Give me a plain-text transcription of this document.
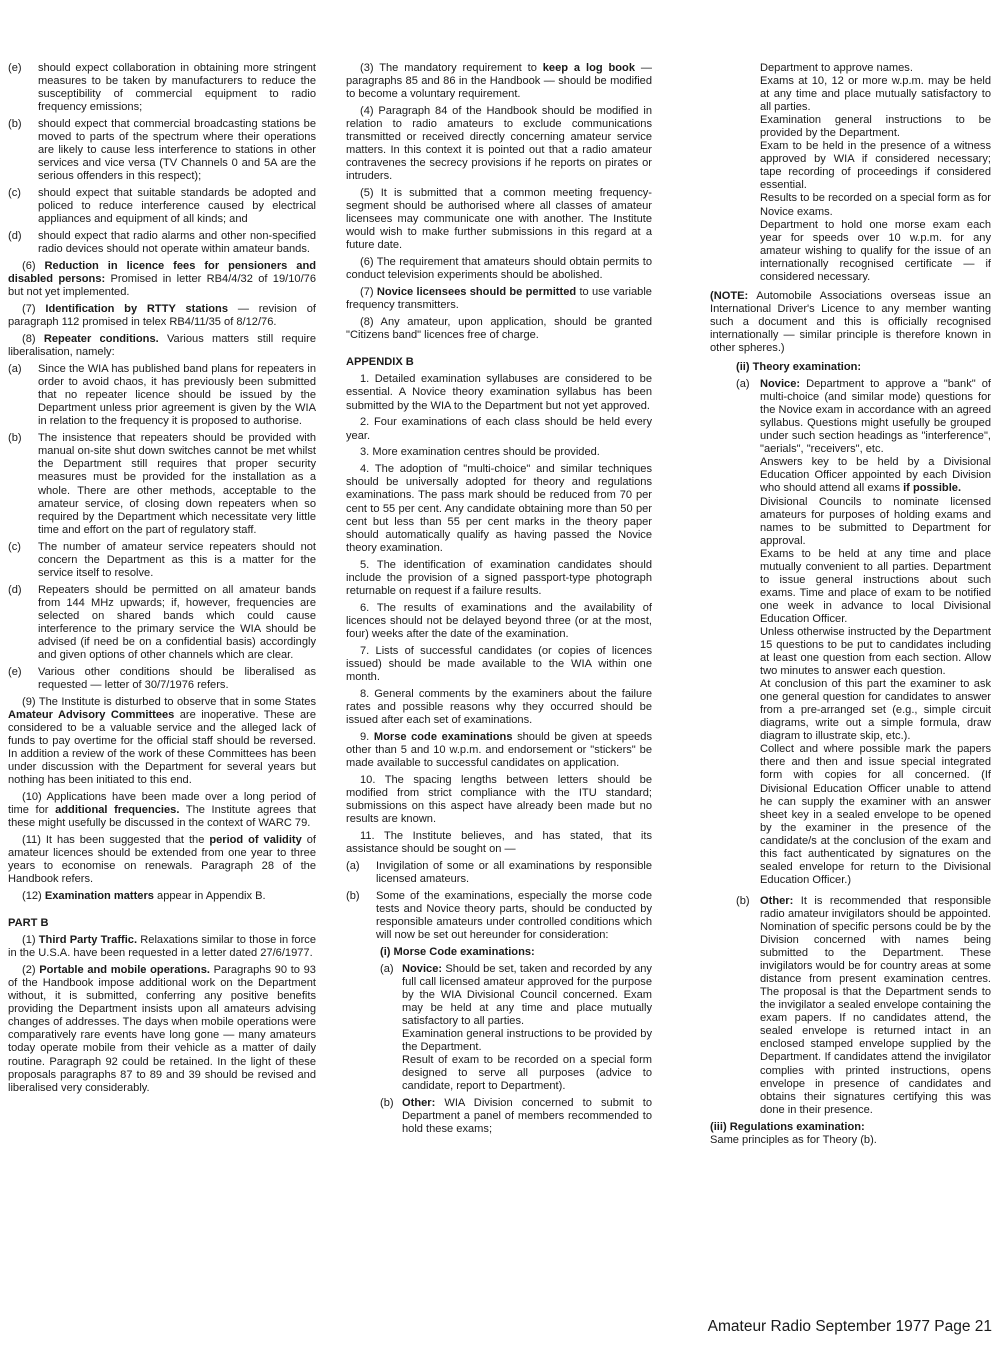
(e)	should expect collaboration in obtaining more stringent measures to be taken by manufacturers to reduce the susceptibility of commercial equipment to radio frequency emissions;
(b)	should expect that commercial broadcasting stations be moved to parts of the spectrum where their operations are likely to cause less interference to stations in other services and vice versa (TV Channels 0 and 5A are the serious offenders in this respect);
(c)	should expect that suitable standards be adopted and policed to reduce interference caused by electrical appliances and equipment of all kinds; and
(d)	should expect that radio alarms and other non-specified radio devices should not operate within amateur bands.

(6) Reduction in licence fees for pensioners and disabled persons: Promised in letter RB4/4/32 of 19/10/76 but not yet implemented.

(7) Identification by RTTY stations — revision of paragraph 112 promised in telex RB4/11/35 of 8/12/76.

(8) Repeater conditions. Various matters still require liberalisation, namely:

(a)	Since the WIA has published band plans for repeaters in order to avoid chaos, it has previously been submitted that no repeater licence should be issued by the Department unless prior agreement is given by the WIA in relation to the frequency it is proposed to authorise.
(b)	The insistence that repeaters should be provided with manual on-site shut down switches cannot be met whilst the Department still requires that proper security measures must be provided for the installation as a whole. There are other methods, acceptable to the amateur service, of closing down repeaters when so required by the Department which necessitate very little time and effort on the part of regulatory staff.
(c)	The number of amateur service repeaters should not concern the Department as this is a matter for the service itself to resolve.
(d)	Repeaters should be permitted on all amateur bands from 144 MHz upwards; if, however, frequencies are selected on shared bands which could cause interference to the primary service the WIA should be advised (if need be on a confidential basis) accordingly and given options of other channels which are clear.
(e)	Various other conditions should be liberalised as requested — letter of 30/7/1976 refers.

(9) The Institute is disturbed to observe that in some States Amateur Advisory Committees are inoperative. These are considered to be a valuable service and the alleged lack of funds to pay overtime for the official staff should be reversed. In addition a review of the work of these Committees has been under discussion with the Department for several years but nothing has been initiated to this end.

(10) Applications have been made over a long period of time for additional frequencies. The Institute agrees that these might usefully be discussed in the context of WARC 79.

(11) It has been suggested that the period of validity of amateur licences should be extended from one year to three years to economise on renewals. Paragraph 28 of the Handbook refers.

(12) Examination matters appear in Appendix B.

PART B

(1) Third Party Traffic. Relaxations similar to those in force in the U.S.A. have been requested in a letter dated 27/6/1977.

(2) Portable and mobile operations. Paragraphs 90 to 93 of the Handbook impose additional work on the Department without, it is submitted, conferring any positive benefits providing the Department insists upon all amateurs advising changes of addresses. The days when mobile operations were comparatively rare events have long gone — many amateurs today operate mobile from their vehicle as a matter of daily routine. Paragraph 92 could be retained. In the light of these proposals paragraphs 87 to 89 and 39 should be revised and liberalised very considerably.

(3) The mandatory requirement to keep a log book — paragraphs 85 and 86 in the Handbook — should be modified to become a voluntary requirement.

(4) Paragraph 84 of the Handbook should be modified in relation to radio amateurs to exclude communications transmitted or received directly concerning amateur service matters. In this context it is pointed out that a radio amateur contravenes the secrecy provisions if he reports on pirates or intruders.

(5) It is submitted that a common meeting frequency-segment should be authorised where all classes of amateur licensees may communicate one with another. The Institute would wish to make further submissions in this regard at a future date.

(6) The requirement that amateurs should obtain permits to conduct television experiments should be abolished.

(7) Novice licensees should be permitted to use variable frequency transmitters.

(8) Any amateur, upon application, should be granted "Citizens band" licences free of charge.

APPENDIX B

1. Detailed examination syllabuses are considered to be essential. A Novice theory examination syllabus has been submitted by the WIA to the Department but not yet approved.

2. Four examinations of each class should be held every year.

3. More examination centres should be provided.

4. The adoption of "multi-choice" and similar techniques should be universally adopted for theory and regulations examinations. The pass mark should be reduced from 70 per cent to 55 per cent. Any candidate obtaining more than 50 per cent but less than 55 per cent marks in the theory paper should automatically qualify as having passed the Novice theory examination.

5. The identification of examination candidates should include the provision of a signed passport-type photograph returnable on request if a failure results.

6. The results of examinations and the availability of licences should not be delayed beyond three (or at the most, four) weeks after the date of the examination.

7. Lists of successful candidates (or copies of licences issued) should be made available to the WIA within one month.

8. General comments by the examiners about the failure rates and possible reasons why they occurred should be issued after each set of examinations.

9. Morse code examinations should be given at speeds other than 5 and 10 w.p.m. and endorsement or "stickers" be made available to successful candidates on application.

10. The spacing lengths between letters should be modified from strict compliance with the ITU standard; submissions on this aspect have already been made but no results are known.

11. The Institute believes, and has stated, that its assistance should be sought on —

(a)	Invigilation of some or all examinations by responsible licensed amateurs.
(b)	Some of the examinations, especially the morse code tests and Novice theory parts, should be conducted by responsible amateurs under controlled conditions which will now be set out hereunder for consideration:
(i) Morse Code examinations:
(a) Novice: Should be set, taken and recorded by any full call licensed amateur approved for the purpose by the WIA Divisional Council concerned. Exam may be held at any time and place mutually satisfactory to all parties.

Examination general instructions to be provided by the Department.

Result of exam to be recorded on a special form designed to serve all purposes (advice to candidate, report to Department).

(b) Other: WIA Division concerned to submit to Department a panel of members recommended to hold these exams;

Department to approve names.

Exams at 10, 12 or more w.p.m. may be held at any time and place mutually satisfactory to all parties.

Examination general instructions to be provided by the Department.

Exam to be held in the presence of a witness approved by WIA if considered necessary; tape recording of proceedings if considered essential.

Results to be recorded on a special form as for Novice exams.

Department to hold one morse exam each year for speeds over 10 w.p.m. for any amateur wishing to qualify for the issue of an internationally recognised certificate — if considered necessary.

(NOTE: Automobile Associations overseas issue an International Driver's Licence to any member wanting such a document and this is officially recognised internationally — similar principle is therefore known in other spheres.)

(ii) Theory examination:
(a) Novice: Department to approve a "bank" of multi-choice (and similar mode) questions for the Novice exam in accordance with an agreed syllabus. Questions might usefully be grouped under such section headings as "interference", "aerials", "receivers", etc.

Answers key to be held by a Divisional Education Officer appointed by each Division who should attend all exams if possible.

Divisional Councils to nominate licensed amateurs for purposes of holding exams and names to be submitted to Department for approval.

Exams to be held at any time and place mutually convenient to all parties. Department to issue general instructions about such exams. Time and place of exam to be notified one week in advance to local Divisional Education Officer.

Unless otherwise instructed by the Department 15 questions to be put to candidates including at least one question from each section. Allow two minutes to answer each question.

At conclusion of this part the examiner to ask one general question for candidates to answer from a pre-arranged set (e.g., simple circuit diagrams, write out a simple formula, draw diagram to illustrate skip, etc.).

Collect and where possible mark the papers there and then and issue special integrated form with copies for all concerned. (If Divisional Education Officer unable to attend he can supply the examiner with an answer sheet key in a sealed envelope to be opened by the examiner in the presence of the candidate/s at the conclusion of the exam and this fact authenticated by signatures on the sealed envelope for return to the Divisional Education Officer.)

(b) Other: It is recommended that responsible radio amateur invigilators should be appointed. Nomination of specific persons could be by the Division concerned with names being submitted to the Department. These invigilators would be for country areas at some distance from present examination centres. The proposal is that the Department sends to the invigilator a sealed envelope containing the exam papers. If no candidates attend, the sealed envelope is returned intact in an enclosed stamped envelope supplied by the Department. If candidates attend the invigilator complies with printed instructions, opens envelope in presence of candidates and obtains their signatures certifying this was done in their presence.

(iii) Regulations examination:

Same principles as for Theory (b).

Amateur Radio September 1977 Page 21
